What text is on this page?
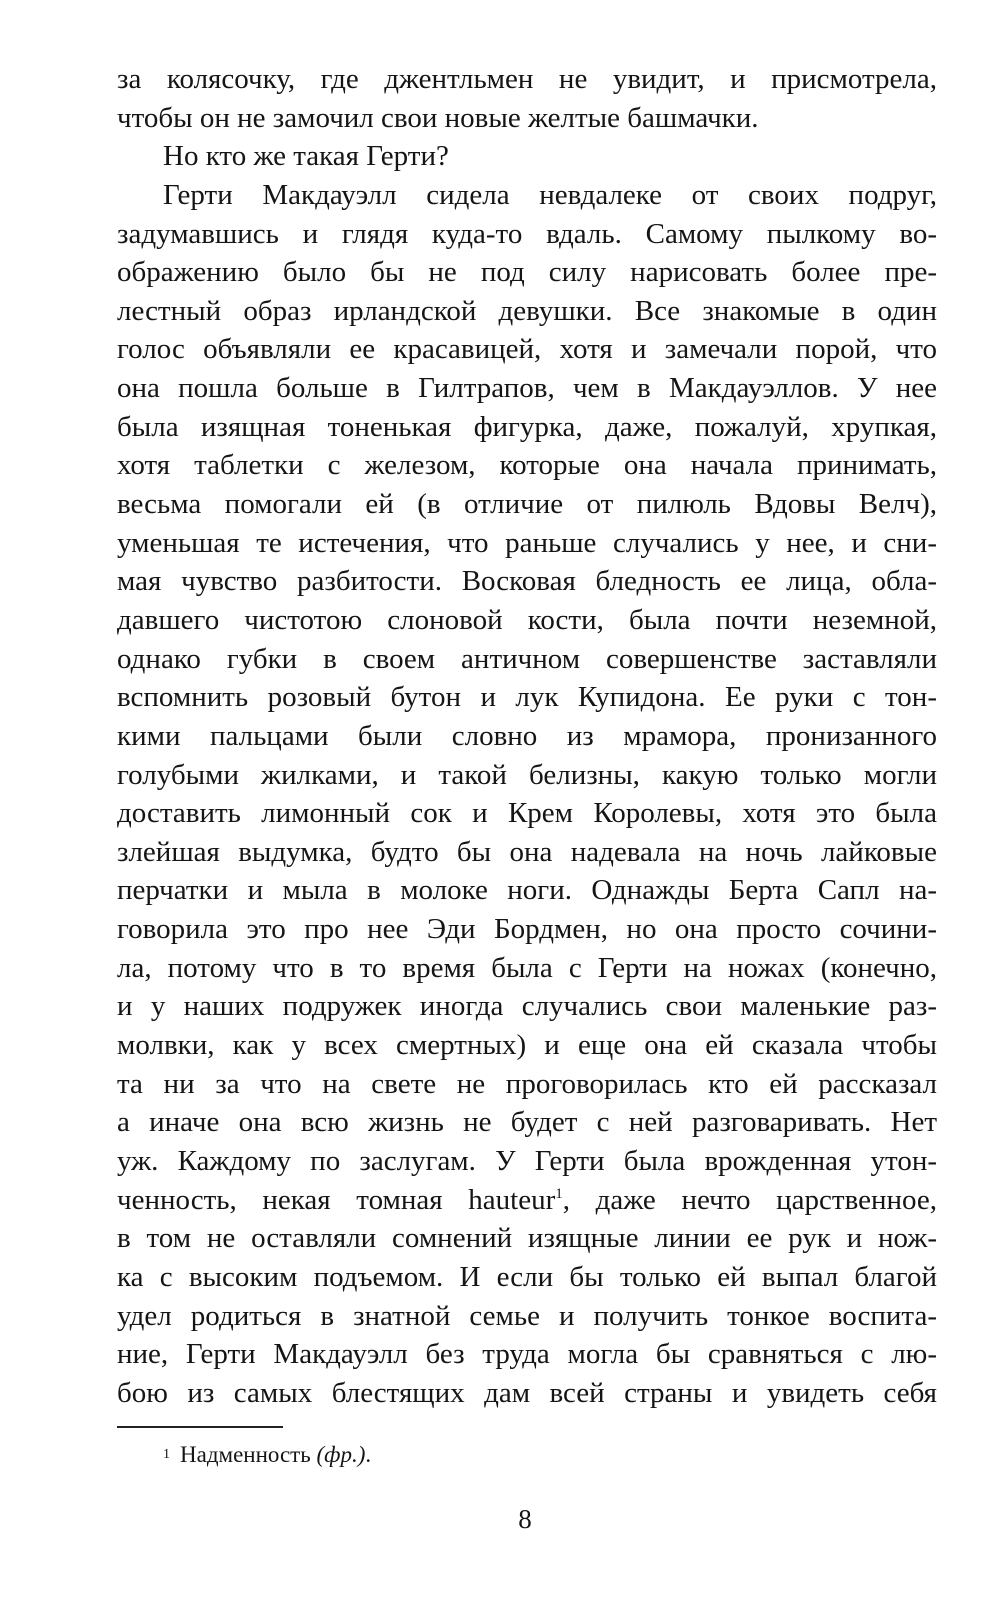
за колясочку, где джентльмен не увидит, и присмотрела,
чтобы он не замочил свои новые желтые башмачки.
Но кто же такая Герти?
Герти Макдауэлл сидела невдалеке от своих подруг,
задумавшись и глядя куда-то вдаль. Самому пылкому во-
ображению было бы не под силу нарисовать более пре-
лестный образ ирландской девушки. Все знакомые в один
голос объявляли ее красавицей, хотя и замечали порой, что
она пошла больше в Гилтрапов, чем в Макдауэллов. У нее
была изящная тоненькая фигурка, даже, пожалуй, хрупкая,
хотя таблетки с железом, которые она начала принимать,
весьма помогали ей (в отличие от пилюль Вдовы Велч),
уменьшая те истечения, что раньше случались у нее, и сни-
мая чувство разбитости. Восковая бледность ее лица, обла-
давшего чистотою слоновой кости, была почти неземной,
однако губки в своем античном совершенстве заставляли
вспомнить розовый бутон и лук Купидона. Ее руки с тон-
кими пальцами были словно из мрамора, пронизанного
голубыми жилками, и такой белизны, какую только могли
доставить лимонный сок и Крем Королевы, хотя это была
злейшая выдумка, будто бы она надевала на ночь лайковые
перчатки и мыла в молоке ноги. Однажды Берта Сапл на-
говорила это про нее Эди Бордмен, но она просто сочини-
ла, потому что в то время была с Герти на ножах (конечно,
и у наших подружек иногда случались свои маленькие раз-
молвки, как у всех смертных) и еще она ей сказала чтобы
та ни за что на свете не проговорилась кто ей рассказал
а иначе она всю жизнь не будет с ней разговаривать. Нет
уж. Каждому по заслугам. У Герти была врожденная утон-
ченность, некая томная hauteur$^1$, даже нечто царственное,
в том не оставляли сомнений изящные линии ее рук и нож-
ка с высоким подъемом. И если бы только ей выпал благой
удел родиться в знатной семье и получить тонкое воспита-
ние, Герти Макдауэлл без труда могла бы сравняться с лю-
бою из самых блестящих дам всей страны и увидеть себя
$^1$ Надменность (фр.).
8
